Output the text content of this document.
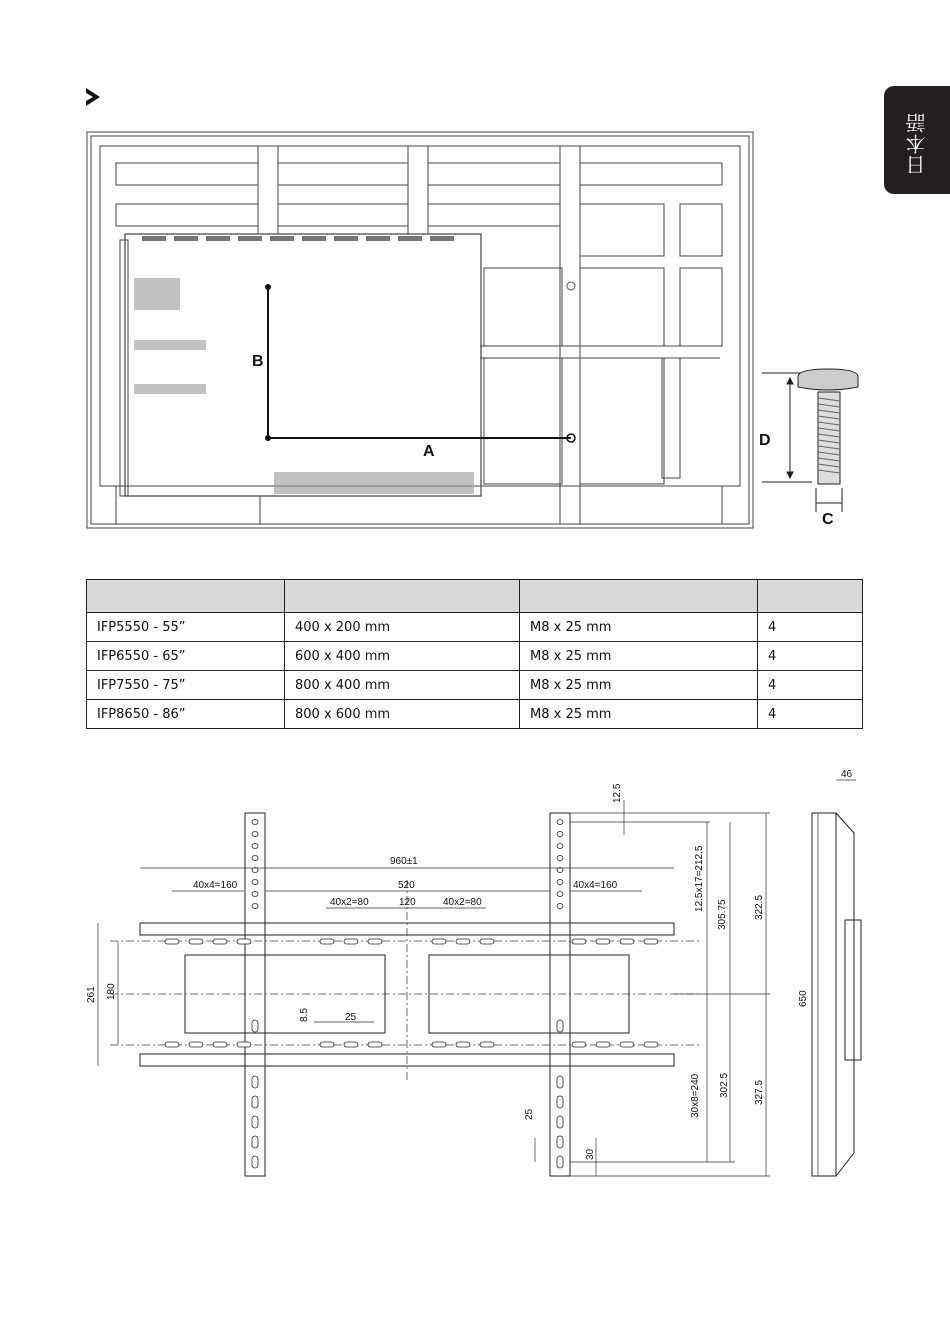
日本語
B
A
D
C

IFP5550 - 55”	400 x 200 mm	M8 x 25 mm	4
IFP6550 - 65”	600 x 400 mm	M8 x 25 mm	4
IFP7550 - 75”	800 x 400 mm	M8 x 25 mm	4
IFP8650 - 86”	800 x 600 mm	M8 x 25 mm	4
960±1
40x4=160	520	40x4=160
40x2=80	120	40x2=80
25
261 180
8.5
12.5
12.5x17=212.5
305.75	322.5
650
30x8=240 302.5 327.5
25
30
46
